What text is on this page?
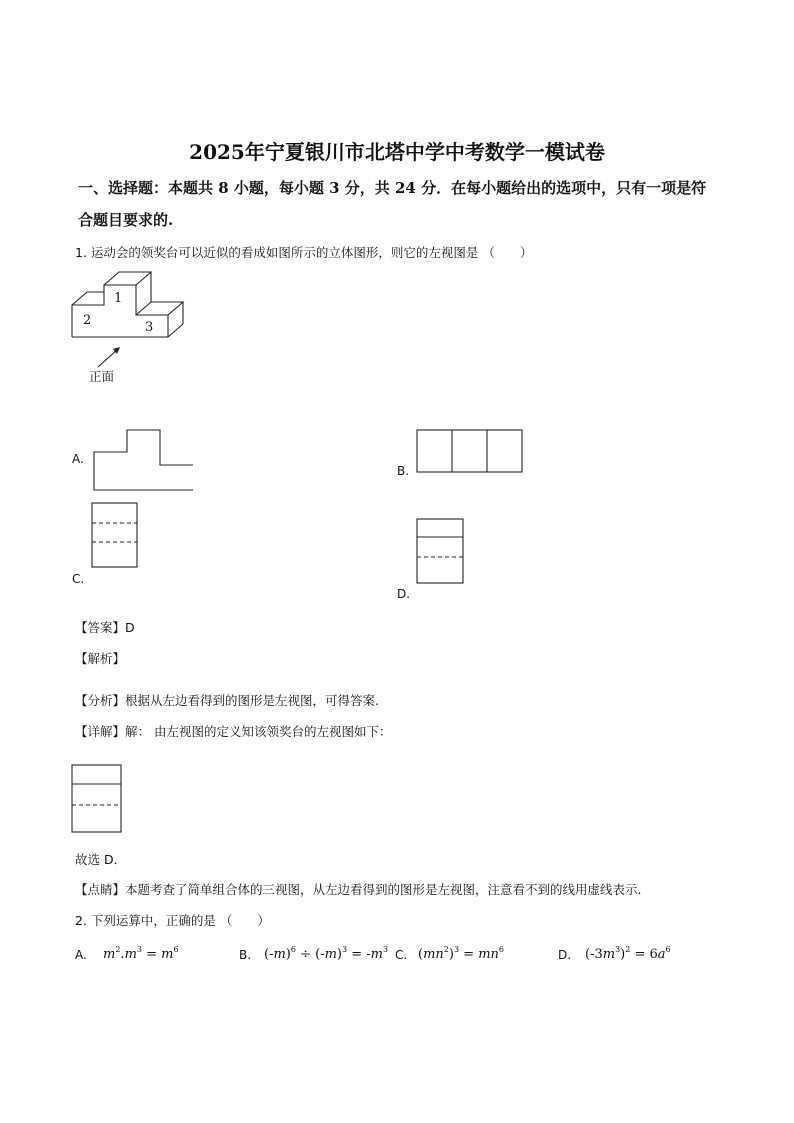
2025年宁夏银川市北塔中学中考数学一模试卷
一、选择题：本题共 8 小题，每小题 3 分，共 24 分．在每小题给出的选项中，只有一项是符
合题目要求的.
1. 运动会的领奖台可以近似的看成如图所示的立体图形，则它的左视图是 （　　）
1
2	3
正面
A.
B.
C.
D.
【答案】D
【解析】
【分析】根据从左边看得到的图形是左视图，可得答案.
【详解】解： 由左视图的定义知该领奖台的左视图如下：
故选 D．
【点睛】本题考查了简单组合体的三视图，从左边看得到的图形是左视图，注意看不到的线用虚线表示．
2. 下列运算中，正确的是 （　　）
A. $m^2.m^3 = m^6$	B. $(-m)^6 \div (-m)^3 = -m^3$ C. $(mn^2)^3 = mn^6$	D. $(-3m^3)^2 = 6a^6$
